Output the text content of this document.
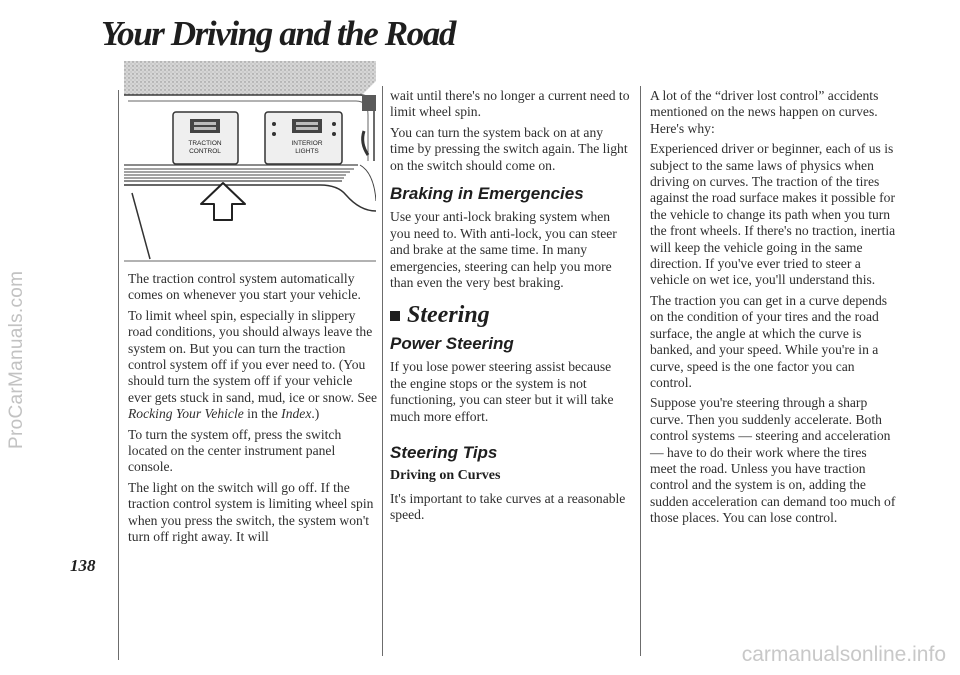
ProCarManuals.com
carmanualsonline.info
Your Driving and the Road
138
TRACTION
CONTROL
INTERIOR
LIGHTS

The traction control system automatically comes on whenever you start your vehicle.

To limit wheel spin, especially in slippery road conditions, you should always leave the system on. But you can turn the traction control system off if you ever need to. (You should turn the system off if your vehicle ever gets stuck in sand, mud, ice or snow. See Rocking Your Vehicle in the Index.)

To turn the system off, press the switch located on the center instrument panel console.

The light on the switch will go off. If the traction control system is limiting wheel spin when you press the switch, the system won't turn off right away. It will

wait until there's no longer a current need to limit wheel spin.

You can turn the system back on at any time by pressing the switch again. The light on the switch should come on.

Braking in Emergencies

Use your anti-lock braking system when you need to. With anti-lock, you can steer and brake at the same time. In many emergencies, steering can help you more than even the very best braking.

Steering
Power Steering

If you lose power steering assist because the engine stops or the system is not functioning, you can steer but it will take much more effort.

Steering Tips
Driving on Curves

It's important to take curves at a reasonable speed.

A lot of the “driver lost control” accidents mentioned on the news happen on curves. Here's why:

Experienced driver or beginner, each of us is subject to the same laws of physics when driving on curves. The traction of the tires against the road surface makes it possible for the vehicle to change its path when you turn the front wheels. If there's no traction, inertia will keep the vehicle going in the same direction. If you've ever tried to steer a vehicle on wet ice, you'll understand this.

The traction you can get in a curve depends on the condition of your tires and the road surface, the angle at which the curve is banked, and your speed. While you're in a curve, speed is the one factor you can control.

Suppose you're steering through a sharp curve. Then you suddenly accelerate. Both control systems — steering and acceleration — have to do their work where the tires meet the road. Unless you have traction control and the system is on, adding the sudden acceleration can demand too much of those places. You can lose control.
